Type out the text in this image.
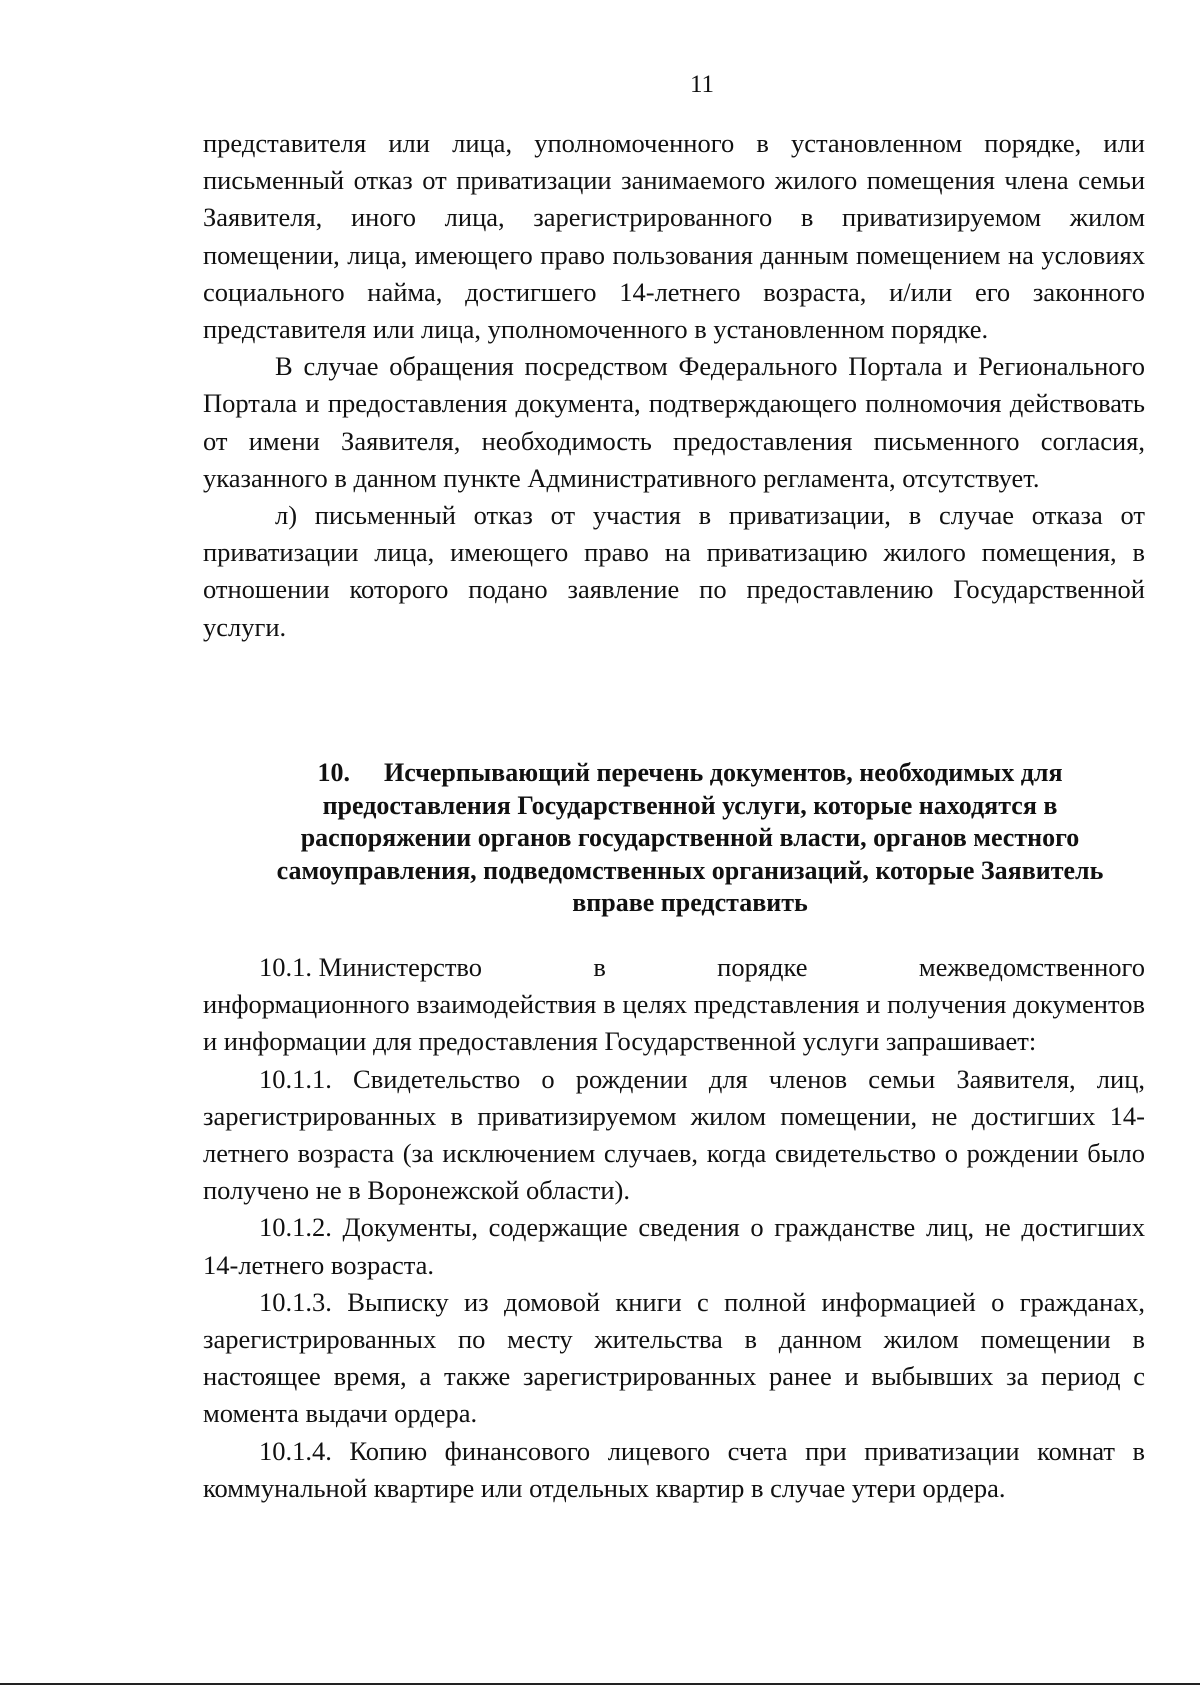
11

представителя или лица, уполномоченного в установленном порядке, или письменный отказ от приватизации занимаемого жилого помещения члена семьи Заявителя, иного лица, зарегистрированного в приватизируемом жилом помещении, лица, имеющего право пользования данным помещением на условиях социального найма, достигшего 14-летнего возраста, и/или его законного представителя или лица, уполномоченного в установленном порядке.

В случае обращения посредством Федерального Портала и Регионального Портала и предоставления документа, подтверждающего полномочия действовать от имени Заявителя, необходимость предоставления письменного согласия, указанного в данном пункте Административного регламента, отсутствует.

л) письменный отказ от участия в приватизации, в случае отказа от приватизации лица, имеющего право на приватизацию жилого помещения, в отношении которого подано заявление по предоставлению Государственной услуги.

10. Исчерпывающий перечень документов, необходимых для предоставления Государственной услуги, которые находятся в распоряжении органов государственной власти, органов местного самоуправления, подведомственных организаций, которые Заявитель вправе представить
10.1. Министерство	в	порядке	межведомственного

информационного взаимодействия в целях представления и получения документов и информации для предоставления Государственной услуги запрашивает:

10.1.1. Свидетельство о рождении для членов семьи Заявителя, лиц, зарегистрированных в приватизируемом жилом помещении, не достигших 14-летнего возраста (за исключением случаев, когда свидетельство о рождении было получено не в Воронежской области).

10.1.2. Документы, содержащие сведения о гражданстве лиц, не достигших 14-летнего возраста.

10.1.3. Выписку из домовой книги с полной информацией о гражданах, зарегистрированных по месту жительства в данном жилом помещении в настоящее время, а также зарегистрированных ранее и выбывших за период с момента выдачи ордера.

10.1.4. Копию финансового лицевого счета при приватизации комнат в коммунальной квартире или отдельных квартир в случае утери ордера.
